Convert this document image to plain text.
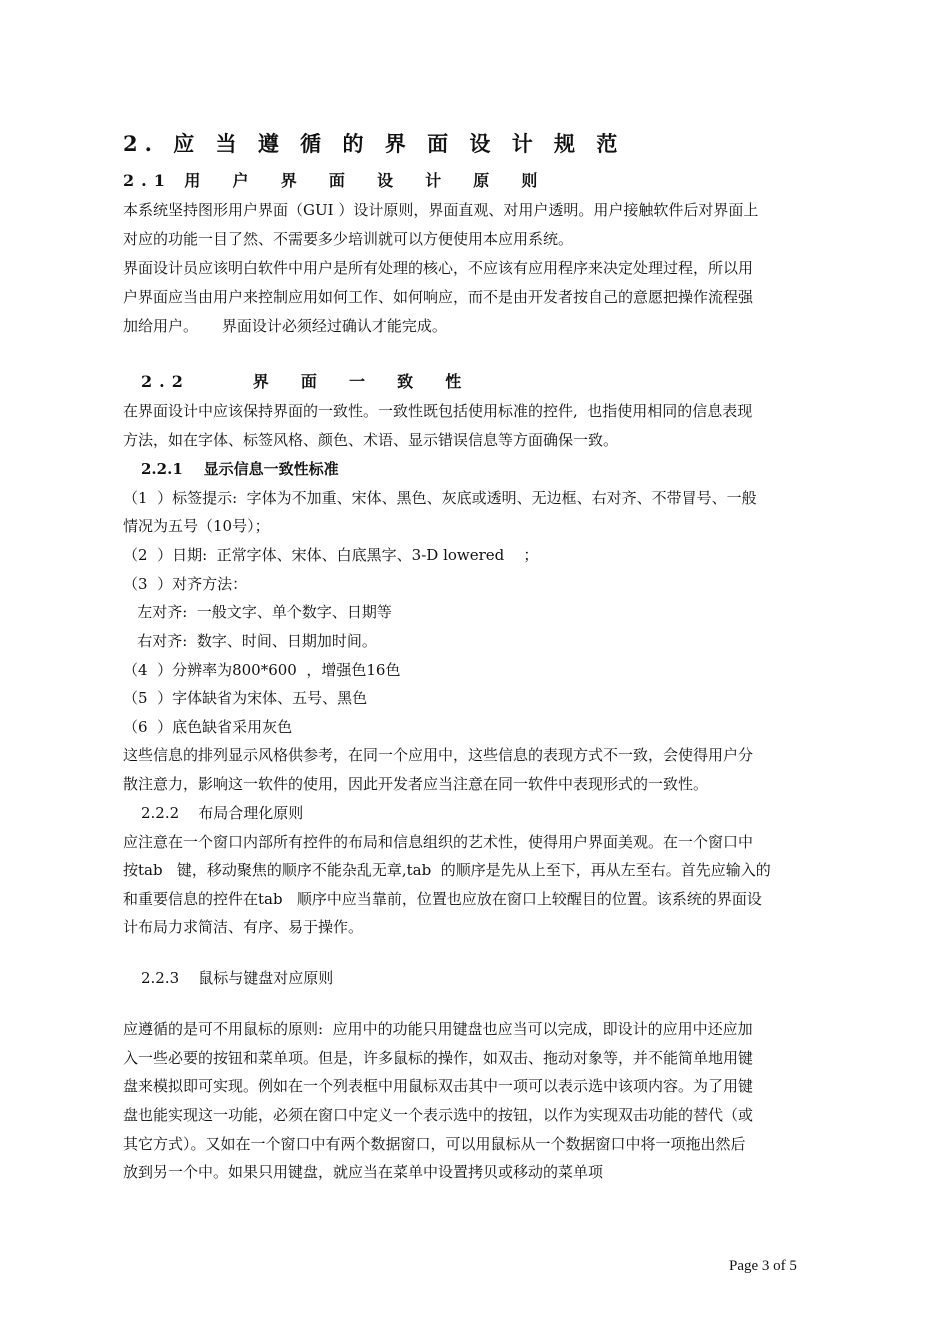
2. 应 当 遵 循 的 界 面 设 计 规 范
2.1 用  户  界  面  设  计  原  则
本系统坚持图形用户界面（GUI ）设计原则，界面直观、对用户透明。用户接触软件后对界面上
对应的功能一目了然、不需要多少培训就可以方便使用本应用系统。
界面设计员应该明白软件中用户是所有处理的核心，不应该有应用程序来决定处理过程，所以用
户界面应当由用户来控制应用如何工作、如何响应，而不是由开发者按自己的意愿把操作流程强
加给用户。     界面设计必须经过确认才能完成。
2.2     界  面  一  致  性
在界面设计中应该保持界面的一致性。一致性既包括使用标准的控件,  也指使用相同的信息表现
方法，如在字体、标签风格、颜色、术语、显示错误信息等方面确保一致。
2.2.1    显示信息一致性标准
（1  ）标签提示:  字体为不加重、宋体、黑色、灰底或透明、无边框、右对齐、不带冒号、一般
情况为五号（10号）；
（2  ）日期:  正常字体、宋体、白底黑字、3-D lowered    ；
（3  ）对齐方法：
左对齐:  一般文字、单个数字、日期等
右对齐:  数字、时间、日期加时间。
（4  ）分辨率为800*600  ，增强色16色
（5  ）字体缺省为宋体、五号、黑色
（6  ）底色缺省采用灰色
这些信息的排列显示风格供参考，在同一个应用中，这些信息的表现方式不一致，会使得用户分
散注意力，影响这一软件的使用，因此开发者应当注意在同一软件中表现形式的一致性。
2.2.2    布局合理化原则
应注意在一个窗口内部所有控件的布局和信息组织的艺术性，使得用户界面美观。在一个窗口中
按tab   键，移动聚焦的顺序不能杂乱无章,tab  的顺序是先从上至下，再从左至右。首先应输入的
和重要信息的控件在tab   顺序中应当靠前，位置也应放在窗口上较醒目的位置。该系统的界面设
计布局力求简洁、有序、易于操作。
2.2.3    鼠标与键盘对应原则
应遵循的是可不用鼠标的原则:  应用中的功能只用键盘也应当可以完成，即设计的应用中还应加
入一些必要的按钮和菜单项。但是，许多鼠标的操作，如双击、拖动对象等，并不能简单地用键
盘来模拟即可实现。例如在一个列表框中用鼠标双击其中一项可以表示选中该项内容。为了用键
盘也能实现这一功能，必须在窗口中定义一个表示选中的按钮，以作为实现双击功能的替代（或
其它方式）。又如在一个窗口中有两个数据窗口，可以用鼠标从一个数据窗口中将一项拖出然后
放到另一个中。如果只用键盘，就应当在菜单中设置拷贝或移动的菜单项
Page 3 of 5
